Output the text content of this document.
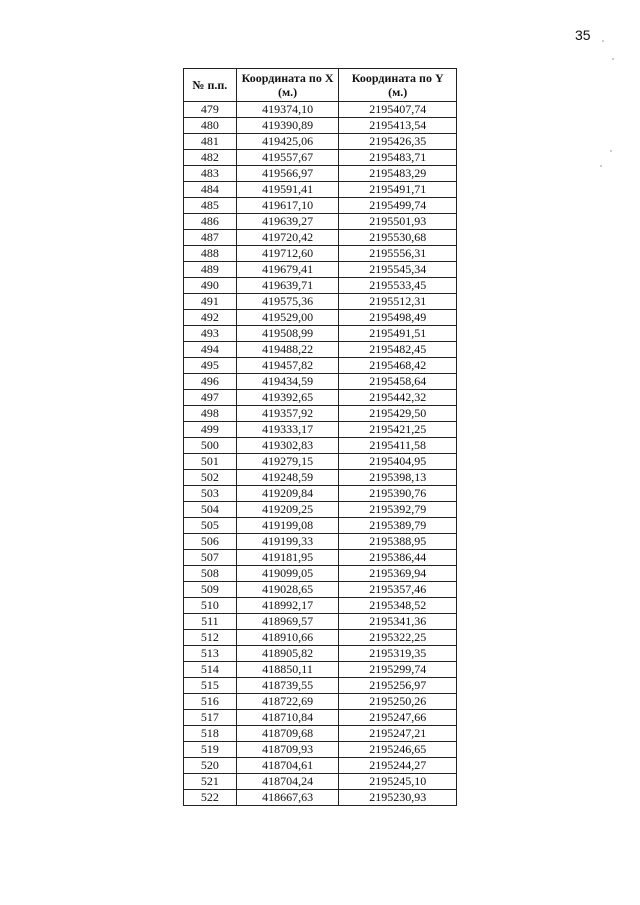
35
№ п.п.	Координата по X (м.)	Координата по Y (м.)
479	419374,10	2195407,74
480	419390,89	2195413,54
481	419425,06	2195426,35
482	419557,67	2195483,71
483	419566,97	2195483,29
484	419591,41	2195491,71
485	419617,10	2195499,74
486	419639,27	2195501,93
487	419720,42	2195530,68
488	419712,60	2195556,31
489	419679,41	2195545,34
490	419639,71	2195533,45
491	419575,36	2195512,31
492	419529,00	2195498,49
493	419508,99	2195491,51
494	419488,22	2195482,45
495	419457,82	2195468,42
496	419434,59	2195458,64
497	419392,65	2195442,32
498	419357,92	2195429,50
499	419333,17	2195421,25
500	419302,83	2195411,58
501	419279,15	2195404,95
502	419248,59	2195398,13
503	419209,84	2195390,76
504	419209,25	2195392,79
505	419199,08	2195389,79
506	419199,33	2195388,95
507	419181,95	2195386,44
508	419099,05	2195369,94
509	419028,65	2195357,46
510	418992,17	2195348,52
511	418969,57	2195341,36
512	418910,66	2195322,25
513	418905,82	2195319,35
514	418850,11	2195299,74
515	418739,55	2195256,97
516	418722,69	2195250,26
517	418710,84	2195247,66
518	418709,68	2195247,21
519	418709,93	2195246,65
520	418704,61	2195244,27
521	418704,24	2195245,10
522	418667,63	2195230,93
